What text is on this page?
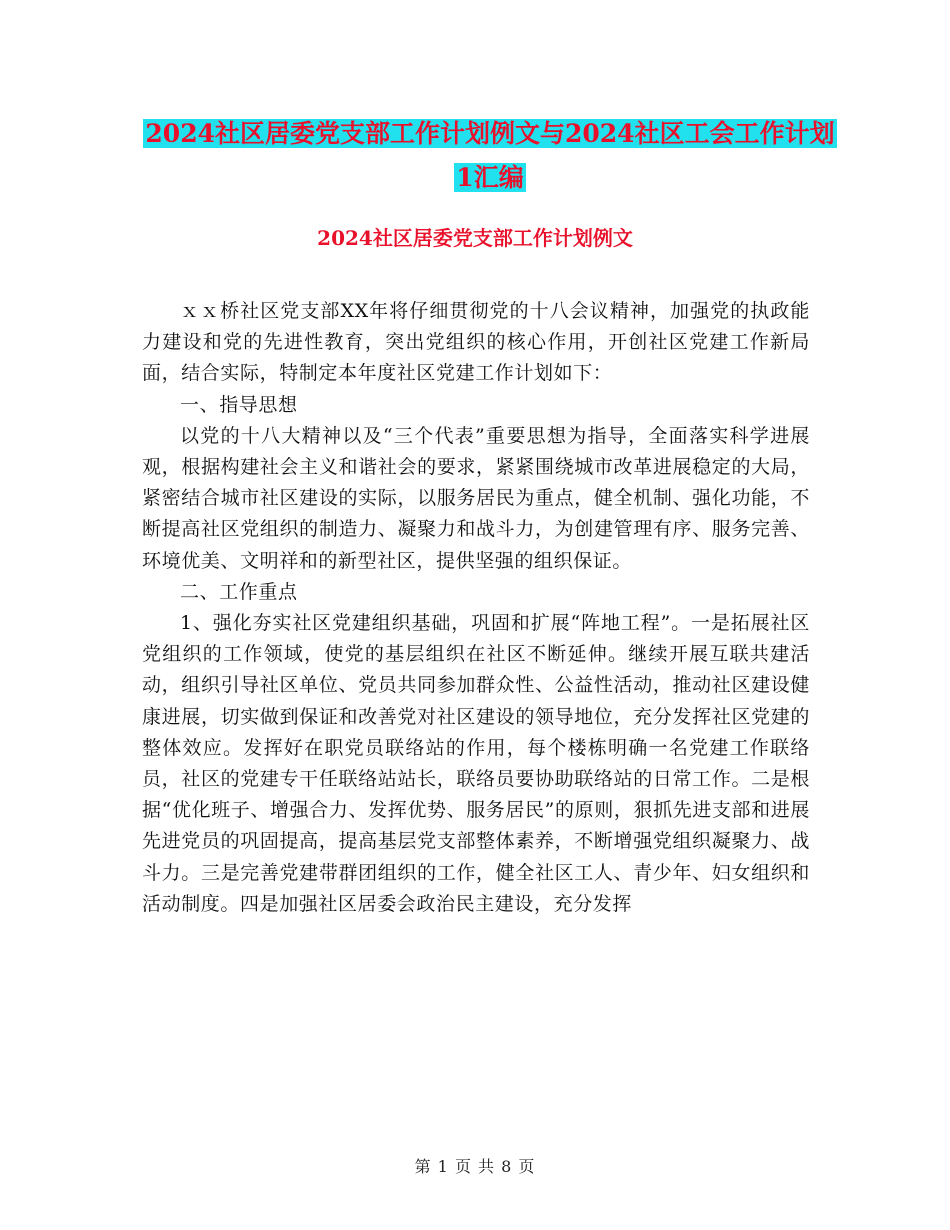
2024社区居委党支部工作计划例文与2024社区工会工作计划 1汇编
2024社区居委党支部工作计划例文

ｘｘ桥社区党支部XX年将仔细贯彻党的十八会议精神，加强党的执政能力建设和党的先进性教育，突出党组织的核心作用，开创社区党建工作新局面，结合实际，特制定本年度社区党建工作计划如下：

一、指导思想

以党的十八大精神以及“三个代表”重要思想为指导，全面落实科学进展观，根据构建社会主义和谐社会的要求，紧紧围绕城市改革进展稳定的大局，紧密结合城市社区建设的实际，以服务居民为重点，健全机制、强化功能，不断提高社区党组织的制造力、凝聚力和战斗力，为创建管理有序、服务完善、环境优美、文明祥和的新型社区，提供坚强的组织保证。

二、工作重点

1、强化夯实社区党建组织基础，巩固和扩展“阵地工程”。一是拓展社区党组织的工作领域，使党的基层组织在社区不断延伸。继续开展互联共建活动，组织引导社区单位、党员共同参加群众性、公益性活动，推动社区建设健康进展，切实做到保证和改善党对社区建设的领导地位，充分发挥社区党建的整体效应。发挥好在职党员联络站的作用，每个楼栋明确一名党建工作联络员，社区的党建专干任联络站站长，联络员要协助联络站的日常工作。二是根据“优化班子、增强合力、发挥优势、服务居民”的原则，狠抓先进支部和进展先进党员的巩固提高，提高基层党支部整体素养，不断增强党组织凝聚力、战斗力。三是完善党建带群团组织的工作，健全社区工人、青少年、妇女组织和活动制度。四是加强社区居委会政治民主建设，充分发挥

第 1 页 共 8 页
